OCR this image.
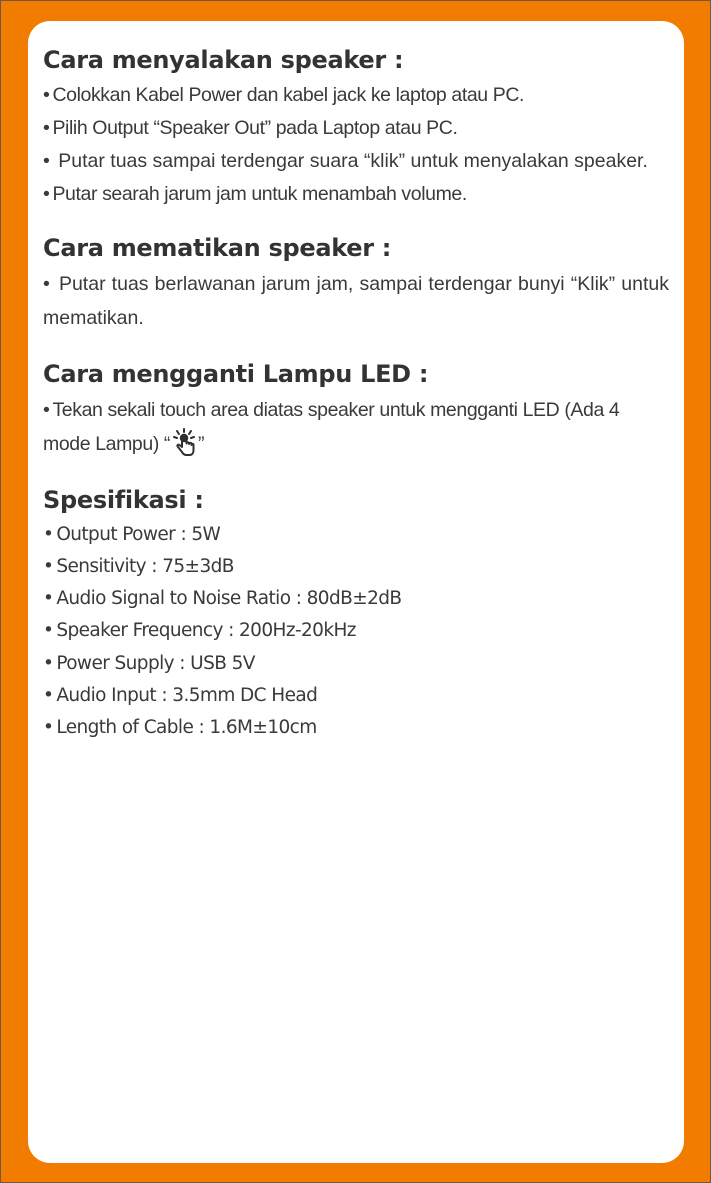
Cara menyalakan speaker :
• Colokkan Kabel Power dan kabel jack ke laptop atau PC.
• Pilih Output “Speaker Out” pada Laptop atau PC.
• Putar tuas sampai terdengar suara “klik” untuk menyalakan speaker.
• Putar searah jarum jam untuk menambah volume.
Cara mematikan speaker :
• Putar tuas berlawanan jarum jam, sampai terdengar bunyi “Klik” untuk mematikan.
Cara mengganti Lampu LED :
• Tekan sekali touch area diatas speaker untuk mengganti LED (Ada 4 mode Lampu) “ ”
Spesifikasi :
• Output Power : 5W
• Sensitivity : 75±3dB
• Audio Signal to Noise Ratio : 80dB±2dB
• Speaker Frequency : 200Hz-20kHz
• Power Supply : USB 5V
• Audio Input : 3.5mm DC Head
• Length of Cable : 1.6M±10cm
